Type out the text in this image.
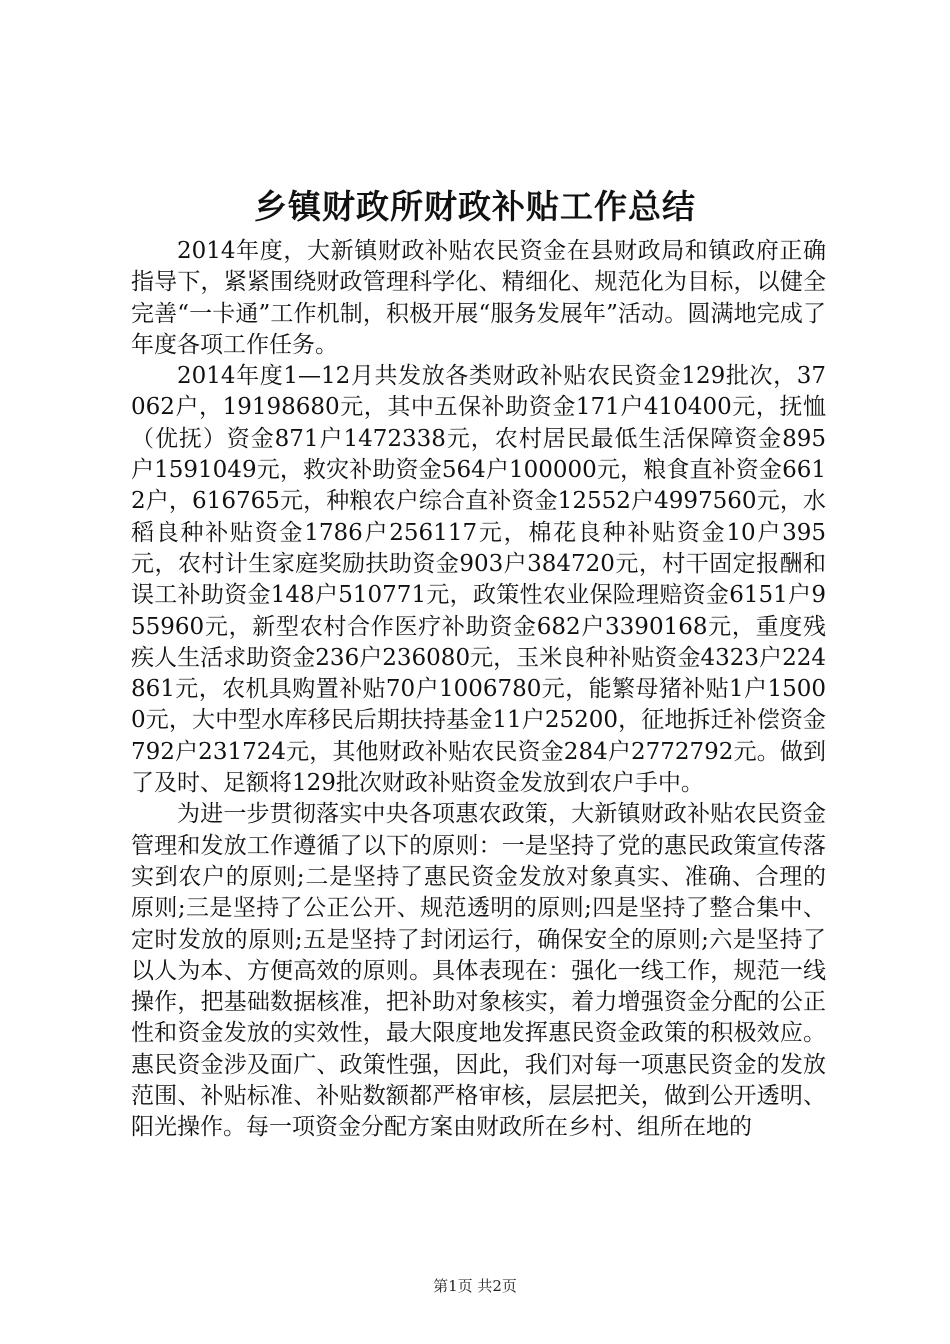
乡镇财政所财政补贴工作总结

2014年度，大新镇财政补贴农民资金在县财政局和镇政府正确指导下，紧紧围绕财政管理科学化、精细化、规范化为目标，以健全完善“一卡通”工作机制，积极开展“服务发展年”活动。圆满地完成了年度各项工作任务。

2014年度1—12月共发放各类财政补贴农民资金129批次，37062户，19198680元，其中五保补助资金171户410400元，抚恤（优抚）资金871户1472338元，农村居民最低生活保障资金895户1591049元，救灾补助资金564户100000元，粮食直补资金6612户，616765元，种粮农户综合直补资金12552户4997560元，水稻良种补贴资金1786户256117元，棉花良种补贴资金10户395元，农村计生家庭奖励扶助资金903户384720元，村干固定报酬和误工补助资金148户510771元，政策性农业保险理赔资金6151户955960元，新型农村合作医疗补助资金682户3390168元，重度残疾人生活求助资金236户236080元，玉米良种补贴资金4323户224861元，农机具购置补贴70户1006780元，能繁母猪补贴1户15000元，大中型水库移民后期扶持基金11户25200，征地拆迁补偿资金792户231724元，其他财政补贴农民资金284户2772792元。做到了及时、足额将129批次财政补贴资金发放到农户手中。

为进一步贯彻落实中央各项惠农政策，大新镇财政补贴农民资金管理和发放工作遵循了以下的原则：一是坚持了党的惠民政策宣传落实到农户的原则;二是坚持了惠民资金发放对象真实、准确、合理的原则;三是坚持了公正公开、规范透明的原则;四是坚持了整合集中、定时发放的原则;五是坚持了封闭运行，确保安全的原则;六是坚持了以人为本、方便高效的原则。具体表现在：强化一线工作，规范一线操作，把基础数据核准，把补助对象核实，着力增强资金分配的公正性和资金发放的实效性，最大限度地发挥惠民资金政策的积极效应。惠民资金涉及面广、政策性强，因此，我们对每一项惠民资金的发放范围、补贴标准、补贴数额都严格审核，层层把关，做到公开透明、阳光操作。每一项资金分配方案由财政所在乡村、组所在地的

第1页 共2页
